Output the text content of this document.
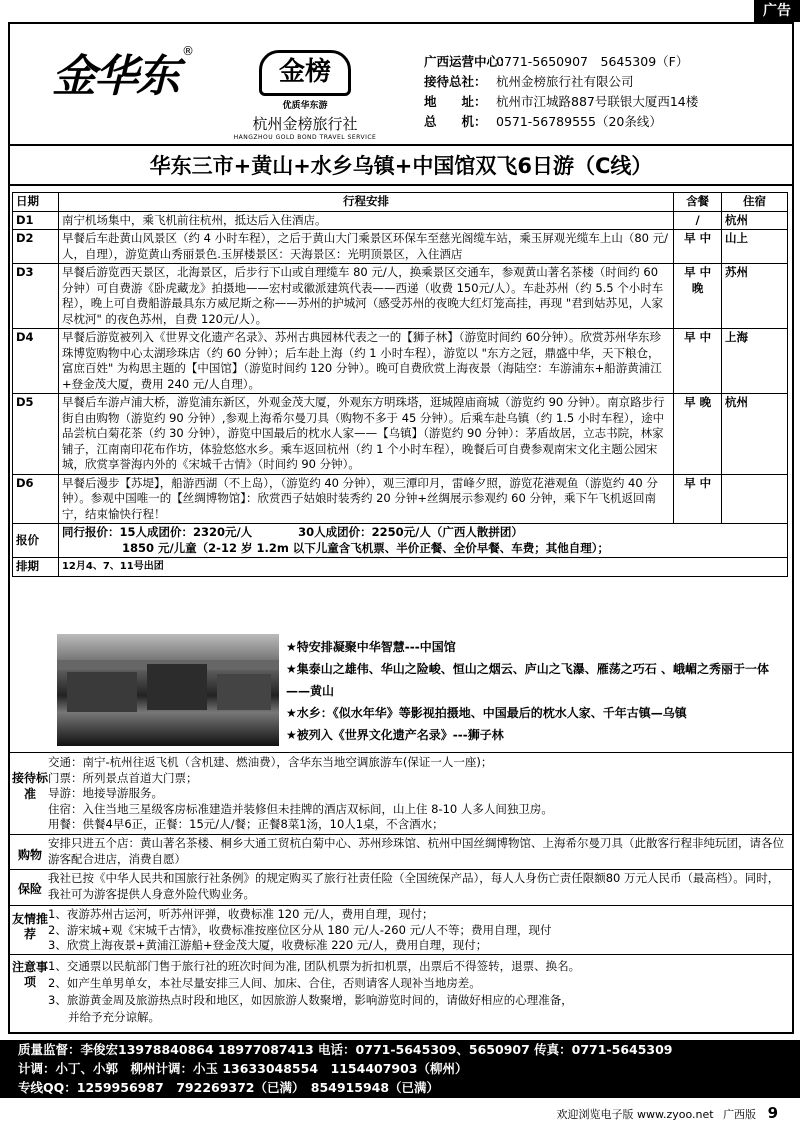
广告
金华东 ®
金榜
优质华东游
杭州金榜旅行社
HANGZHOU GOLD BOND TRAVEL SERVICE
广西运营中心：0771-5650907　5645309（F）
接待总社： 杭州金榜旅行社有限公司
地　　址： 杭州市江城路887号联银大厦西14楼
总　　机： 0571-56789555（20条线）
华东三市+黄山+水乡乌镇+中国馆双飞6日游（C线）
日期	行程安排	含餐	住宿
D1	南宁机场集中，乘飞机前往杭州，抵达后入住酒店。	/	杭州
D2	早餐后车赴黄山风景区（约 4 小时车程），之后于黄山大门乘景区环保车至慈光阁缆车站，乘玉屏观光缆车上山（80 元/人，自理），游览黄山秀丽景色.玉屏楼景区：天海景区：光明顶景区，入住酒店	早 中	山上
D3	早餐后游览西天景区，北海景区，后步行下山或自理缆车 80 元/人，换乘景区交通车，参观黄山著名茶楼（时间约 60 分钟）可自费游《卧虎藏龙》拍摄地——宏村或徽派建筑代表——西递（收费 150元/人）。车赴苏州（约 5.5 个小时车程），晚上可自费船游最具东方威尼斯之称——苏州的护城河（感受苏州的夜晚大红灯笼高挂，再现 "君到姑苏见，人家尽枕河" 的夜色苏州，自费 120元/人）。	早 中 晚	苏州
D4	早餐后游览被列入《世界文化遗产名录》、苏州古典园林代表之一的【狮子林】（游览时间约 60分钟）。欣赏苏州华东珍珠博览购物中心太湖珍珠店（约 60 分钟）；后车赴上海（约 1 小时车程），游览以 "东方之冠，鼎盛中华，天下粮仓，富庶百姓" 为构思主题的【中国馆】（游览时间约 120 分钟）。晚可自费欣赏上海夜景（海陆空：车游浦东+船游黄浦江+登金茂大厦，费用 240 元/人自理）。	早 中	上海
D5	早餐后车游卢浦大桥，游览浦东新区，外观金茂大厦，外观东方明珠塔，逛城隍庙商城（游览约 90 分钟）。南京路步行街自由购物（游览约 90 分钟）,参观上海希尔曼刀具（购物不多于 45 分钟）。后乘车赴乌镇（约 1.5 小时车程），途中品尝杭白菊花茶（约 30 分钟），游览中国最后的枕水人家——【乌镇】（游览约 90 分钟）：茅盾故居，立志书院，林家铺子，江南南印花布作坊，体验悠悠水乡。乘车返回杭州（约 1 个小时车程），晚餐后可自费参观南宋文化主题公园宋城，欣赏享誉海内外的《宋城千古情》（时间约 90 分钟）。	早 晚	杭州
D6	早餐后漫步【苏堤】，船游西湖（不上岛），（游览约 40 分钟），观三潭印月，雷峰夕照，游览花港观鱼（游览约 40 分钟）。参观中国唯一的【丝绸博物馆】：欣赏西子姑娘时装秀约 20 分钟+丝绸展示参观约 60 分钟，乘下午飞机返回南宁，结束愉快行程！	早 中	
报价	同行报价：15人成团价：2320元/人　　　　30人成团价：2250元/人（广西人散拼团）
1850 元/儿童（2-12 岁 1.2m 以下儿童含飞机票、半价正餐、全价早餐、车费；其他自理）；		

排期	12月4、7、11号出团		
★特安排凝聚中华智慧---中国馆
★集泰山之雄伟、华山之险峻、恒山之烟云、庐山之飞瀑、雁荡之巧石 、峨嵋之秀丽于一体——黄山
★水乡：《似水年华》等影视拍摄地、中国最后的枕水人家、千年古镇—乌镇
★被列入《世界文化遗产名录》---狮子林
接待标准
交通：南宁-杭州往返飞机（含机建、燃油费），含华东当地空调旅游车(保证一人一座)；
门票：所列景点首道大门票；
导游：地接导游服务。
住宿：入住当地三星级客房标准建造并装修但未挂牌的酒店双标间，山上住 8-10 人多人间独卫房。
用餐：供餐4早6正，正餐：15元/人/餐；正餐8菜1汤，10人1桌，不含酒水；
购物
安排只进五个店：黄山著名茶楼、桐乡大通工贸杭白菊中心、苏州珍珠馆、杭州中国丝绸博物馆、上海希尔曼刀具（此散客行程非纯玩团，请各位游客配合进店，消费自愿）
保险
我社已按《中华人民共和国旅行社条例》的规定购买了旅行社责任险（全国统保产品），每人人身伤亡责任限额80 万元人民币（最高档）。同时，我社可为游客提供人身意外险代购业务。
友情推荐
1、夜游苏州古运河，听苏州评弹，收费标准 120 元/人，费用自理，现付；
2、游宋城+观《宋城千古情》，收费标准按座位区分从 180 元/人-260 元/人不等；费用自理，现付
3、欣赏上海夜景+黄浦江游船+登金茂大厦，收费标准 220 元/人，费用自理，现付；
注意事项
1、交通票以民航部门售于旅行社的班次时间为准, 团队机票为折扣机票，出票后不得签转，退票、换名。
2、如产生单男单女，本社尽量安排三人间、加床、合住，否则请客人现补当地房差。
3、旅游黄金周及旅游热点时段和地区，如因旅游人数聚增，影响游览时间的，请做好相应的心理准备，
并给予充分谅解。
质量监督：李俊宏13978840864 18977087413 电话：0771-5645309、5650907 传真：0771-5645309
计调：小丁、小郭　柳州计调：小玉 13633048554　1154407903（柳州）
专线QQ：1259956987　792269372（已满）　854915948（已满）
欢迎浏览电子版 www.zyoo.net 广西版 9
